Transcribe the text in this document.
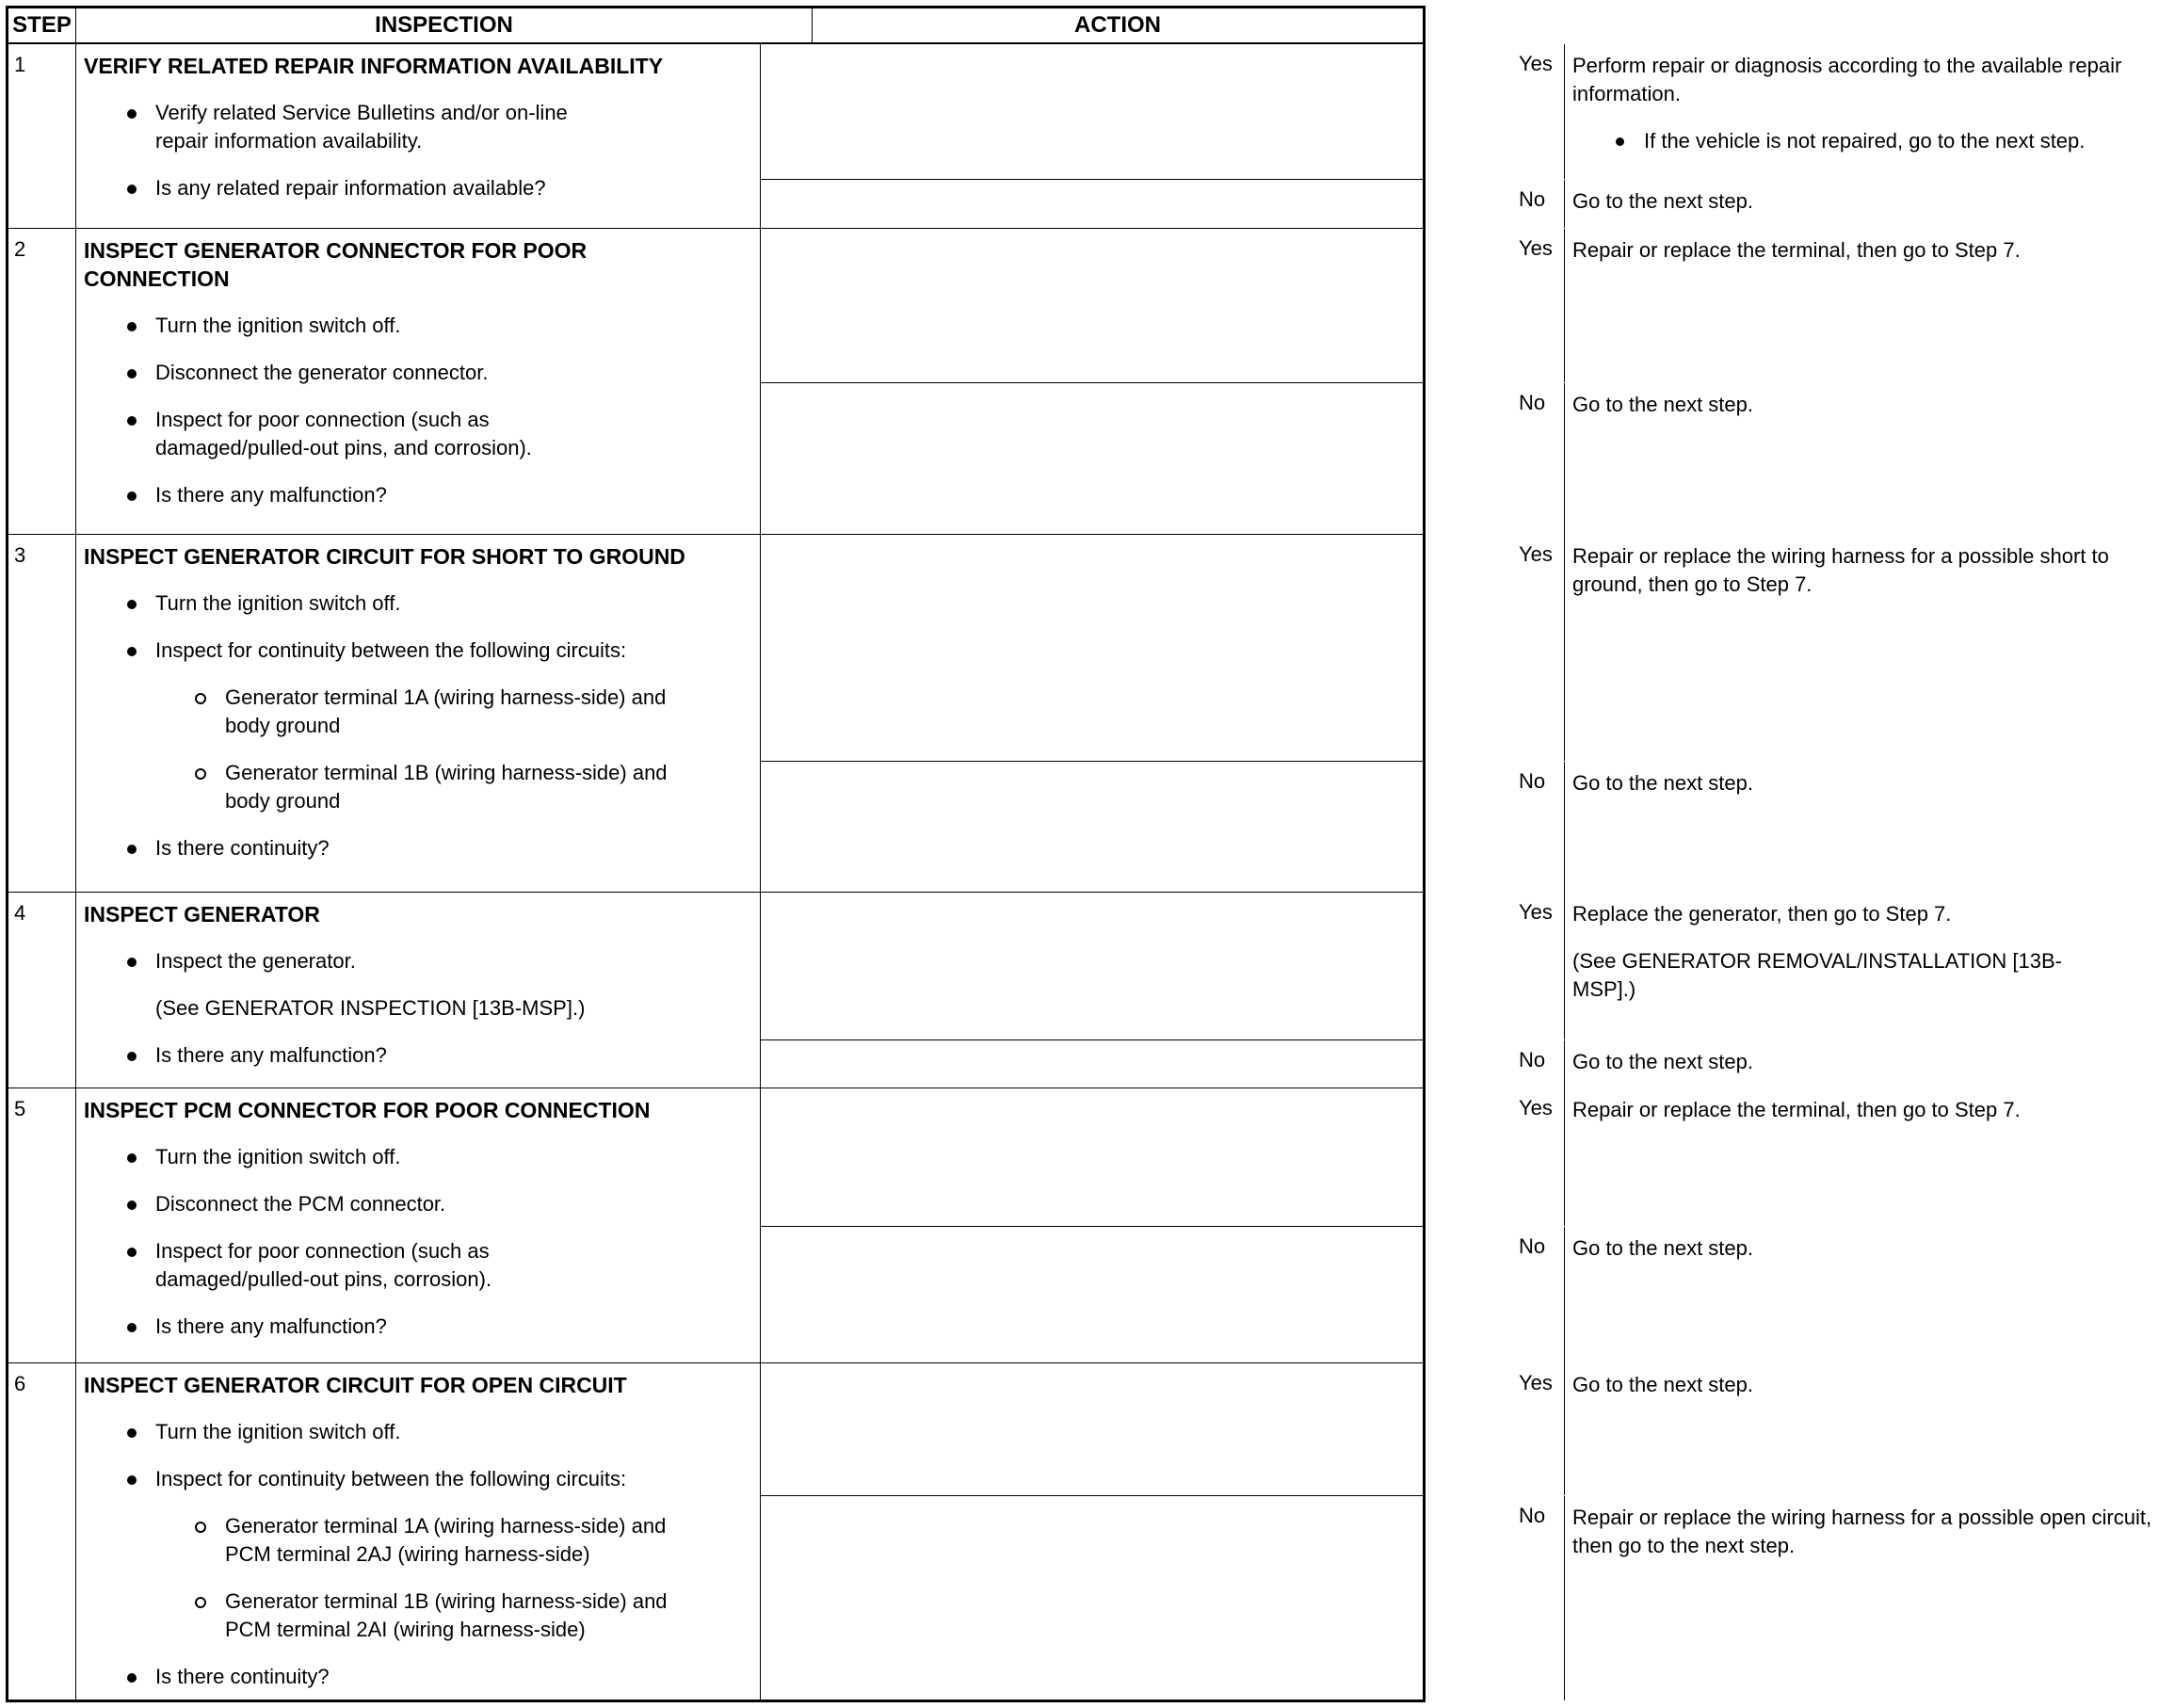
STEP	INSPECTION	ACTION
1	VERIFY RELATED REPAIR INFORMATION AVAILABILITY
Verify related Service Bulletins and/or on-line repair information availability.
Is any related repair information available?
Yes Perform repair or diagnosis according to the available repair information.
If the vehicle is not repaired, go to the next step.
No	Go to the next step.
2	INSPECT GENERATOR CONNECTOR FOR POOR CONNECTION
Turn the ignition switch off.
Disconnect the generator connector.
Inspect for poor connection (such as damaged/pulled-out pins, and corrosion).
Is there any malfunction?
Yes Repair or replace the terminal, then go to Step 7.
No	Go to the next step.
3	INSPECT GENERATOR CIRCUIT FOR SHORT TO GROUND
Turn the ignition switch off.
Inspect for continuity between the following circuits:
Generator terminal 1A (wiring harness-side) and body ground
Generator terminal 1B (wiring harness-side) and body ground
Is there continuity?
Yes Repair or replace the wiring harness for a possible short to ground, then go to Step 7.
No	Go to the next step.
4	INSPECT GENERATOR
Inspect the generator.
(See GENERATOR INSPECTION [13B-MSP].)
Is there any malfunction?
Yes Replace the generator, then go to Step 7.
(See GENERATOR REMOVAL/INSTALLATION [13B-MSP].)
No	Go to the next step.
5	INSPECT PCM CONNECTOR FOR POOR CONNECTION
Turn the ignition switch off.
Disconnect the PCM connector.
Inspect for poor connection (such as damaged/pulled-out pins, corrosion).
Is there any malfunction?
Yes Repair or replace the terminal, then go to Step 7.
No	Go to the next step.
6	INSPECT GENERATOR CIRCUIT FOR OPEN CIRCUIT
Turn the ignition switch off.
Inspect for continuity between the following circuits:
Generator terminal 1A (wiring harness-side) and PCM terminal 2AJ (wiring harness-side)
Generator terminal 1B (wiring harness-side) and PCM terminal 2AI (wiring harness-side)
Is there continuity?
Yes Go to the next step.
No	Repair or replace the wiring harness for a possible open circuit, then go to the next step.
